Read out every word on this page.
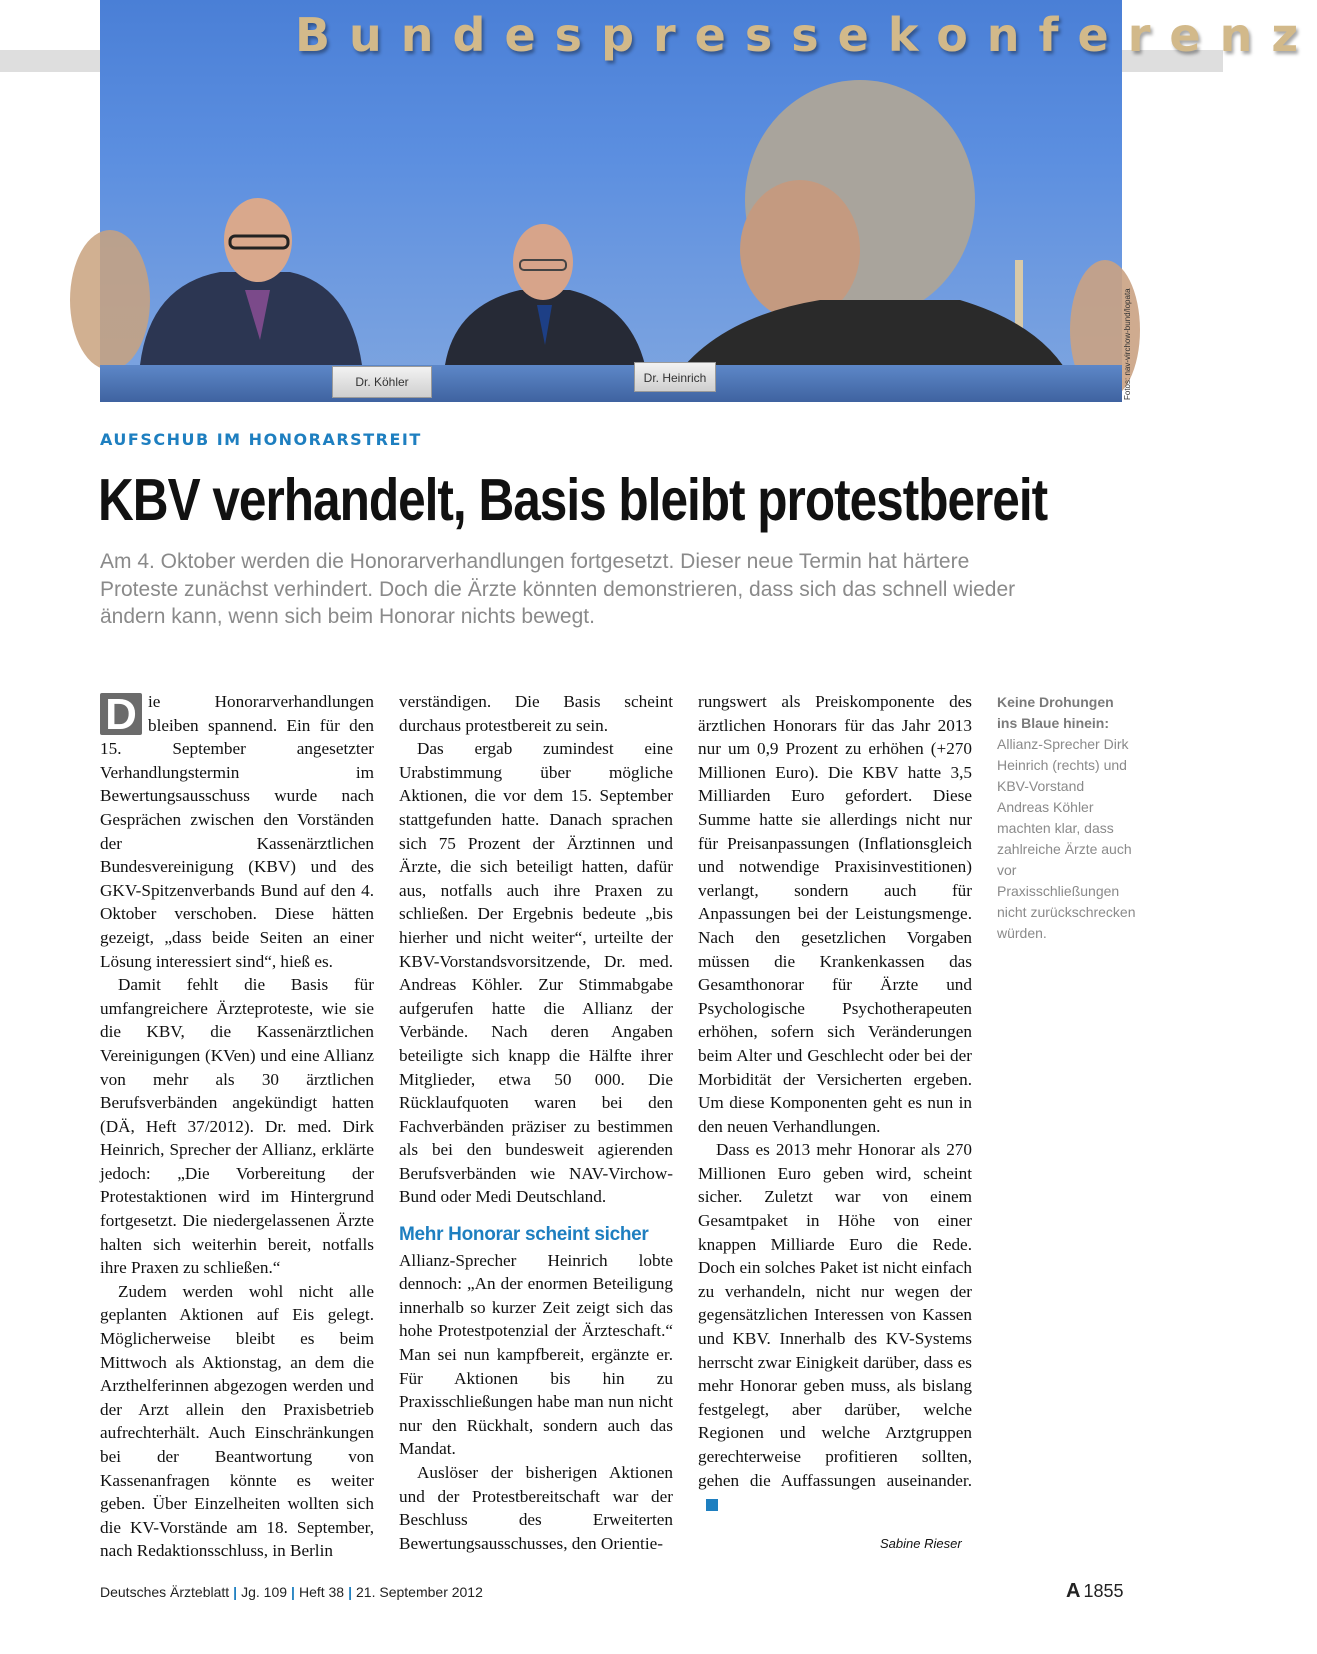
Bundespressekonferenz
Dr. Köhler	Dr. Heinrich	Fotos: nav-virchow-bund/lopata
AUFSCHUB IM HONORARSTREIT
KBV verhandelt, Basis bleibt protestbereit
Am 4. Oktober werden die Honorarverhandlungen fortgesetzt. Dieser neue Termin hat härtere Proteste zunächst verhindert. Doch die Ärzte könnten demonstrieren, dass sich das schnell wieder ändern kann, wenn sich beim Honorar nichts bewegt.

D ie Honorarverhandlungen bleiben spannend. Ein für den 15. September angesetzter Verhandlungstermin im Bewertungsausschuss wurde nach Gesprächen zwischen den Vorständen der Kassenärztlichen Bundesvereinigung (KBV) und des GKV-Spitzenverbands Bund auf den 4. Oktober verschoben. Diese hätten gezeigt, „dass beide Seiten an einer Lösung interessiert sind“, hieß es.

Damit fehlt die Basis für umfangreichere Ärzteproteste, wie sie die KBV, die Kassenärztlichen Vereinigungen (KVen) und eine Allianz von mehr als 30 ärztlichen Berufsverbänden angekündigt hatten (DÄ, Heft 37/2012). Dr. med. Dirk Heinrich, Sprecher der Allianz, erklärte jedoch: „Die Vorbereitung der Protestaktionen wird im Hintergrund fortgesetzt. Die niedergelassenen Ärzte halten sich weiterhin bereit, notfalls ihre Praxen zu schließen.“

Zudem werden wohl nicht alle geplanten Aktionen auf Eis gelegt. Möglicherweise bleibt es beim Mittwoch als Aktionstag, an dem die Arzthelferinnen abgezogen werden und der Arzt allein den Praxisbetrieb aufrechterhält. Auch Einschränkungen bei der Beantwortung von Kassenanfragen könnte es weiter geben. Über Einzelheiten wollten sich die KV-Vorstände am 18. September, nach Redaktionsschluss, in Berlin

verständigen. Die Basis scheint durchaus protestbereit zu sein.

Das ergab zumindest eine Urabstimmung über mögliche Aktionen, die vor dem 15. September stattgefunden hatte. Danach sprachen sich 75 Prozent der Ärztinnen und Ärzte, die sich beteiligt hatten, dafür aus, notfalls auch ihre Praxen zu schließen. Der Ergebnis bedeute „bis hierher und nicht weiter“, urteilte der KBV-Vorstandsvorsitzende, Dr. med. Andreas Köhler. Zur Stimmabgabe aufgerufen hatte die Allianz der Verbände. Nach deren Angaben beteiligte sich knapp die Hälfte ihrer Mitglieder, etwa 50 000. Die Rücklaufquoten waren bei den Fachverbänden präziser zu bestimmen als bei den bundesweit agierenden Berufsverbänden wie NAV-Virchow-Bund oder Medi Deutschland.

Mehr Honorar scheint sicher

Allianz-Sprecher Heinrich lobte dennoch: „An der enormen Beteiligung innerhalb so kurzer Zeit zeigt sich das hohe Protestpotenzial der Ärzteschaft.“ Man sei nun kampfbereit, ergänzte er. Für Aktionen bis hin zu Praxisschließungen habe man nun nicht nur den Rückhalt, sondern auch das Mandat.

Auslöser der bisherigen Aktionen und der Protestbereitschaft war der Beschluss des Erweiterten Bewertungsausschusses, den Orientie-

rungswert als Preiskomponente des ärztlichen Honorars für das Jahr 2013 nur um 0,9 Prozent zu erhöhen (+270 Millionen Euro). Die KBV hatte 3,5 Milliarden Euro gefordert. Diese Summe hatte sie allerdings nicht nur für Preisanpassungen (Inflationsgleich und notwendige Praxisinvestitionen) verlangt, sondern auch für Anpassungen bei der Leistungsmenge. Nach den gesetzlichen Vorgaben müssen die Krankenkassen das Gesamthonorar für Ärzte und Psychologische Psychotherapeuten erhöhen, sofern sich Veränderungen beim Alter und Geschlecht oder bei der Morbidität der Versicherten ergeben. Um diese Komponenten geht es nun in den neuen Verhandlungen.

Dass es 2013 mehr Honorar als 270 Millionen Euro geben wird, scheint sicher. Zuletzt war von einem Gesamtpaket in Höhe von einer knappen Milliarde Euro die Rede. Doch ein solches Paket ist nicht einfach zu verhandeln, nicht nur wegen der gegensätzlichen Interessen von Kassen und KBV. Innerhalb des KV-Systems herrscht zwar Einigkeit darüber, dass es mehr Honorar geben muss, als bislang festgelegt, aber darüber, welche Regionen und welche Arztgruppen gerechterweise profitieren sollten, gehen die Auffassungen auseinander.

Sabine Rieser
Keine Drohungen ins Blaue hinein:
Allianz-Sprecher Dirk Heinrich (rechts) und KBV-Vorstand Andreas Köhler machten klar, dass zahlreiche Ärzte auch vor Praxisschließungen nicht zurückschrecken würden.
Deutsches Ärzteblatt | Jg. 109 | Heft 38 | 21. September 2012	A 1855
